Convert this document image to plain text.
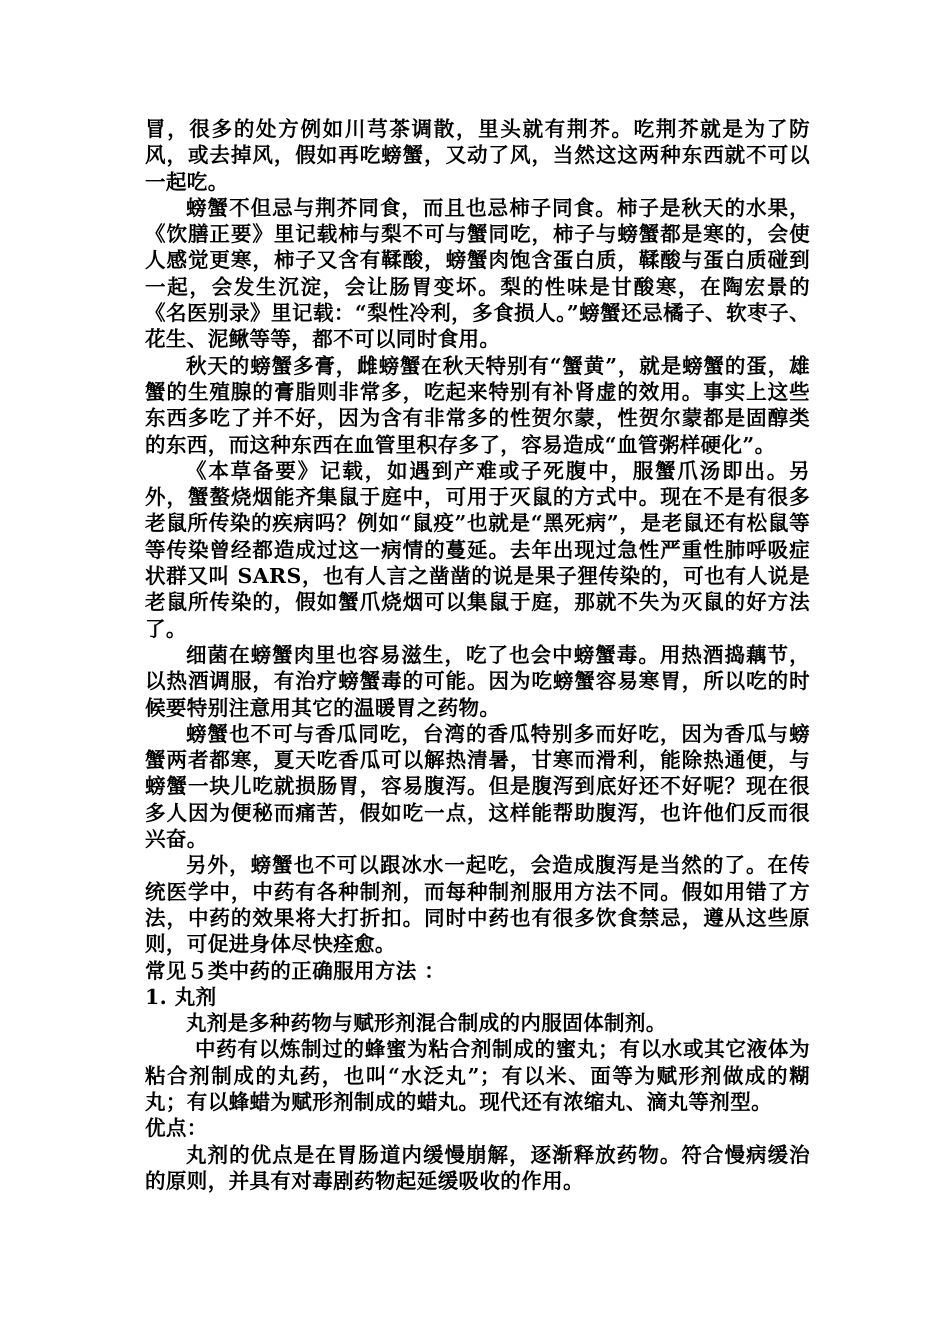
冒，很多的处方例如川芎茶调散，里头就有荆芥。吃荆芥就是为了防风，或去掉风，假如再吃螃蟹，又动了风，当然这这两种东西就不可以一起吃。

螃蟹不但忌与荆芥同食，而且也忌柿子同食。柿子是秋天的水果，《饮膳正要》里记载柿与梨不可与蟹同吃，柿子与螃蟹都是寒的，会使人感觉更寒，柿子又含有鞣酸，螃蟹肉饱含蛋白质，鞣酸与蛋白质碰到一起，会发生沉淀，会让肠胃变坏。梨的性味是甘酸寒，在陶宏景的《名医别录》里记载：“梨性冷利，多食损人。”螃蟹还忌橘子、软枣子、花生、泥鳅等等，都不可以同时食用。

秋天的螃蟹多膏，雌螃蟹在秋天特别有“蟹黄”，就是螃蟹的蛋，雄蟹的生殖腺的膏脂则非常多，吃起来特别有补肾虚的效用。事实上这些东西多吃了并不好，因为含有非常多的性贺尔蒙，性贺尔蒙都是固醇类的东西，而这种东西在血管里积存多了，容易造成“血管粥样硬化”。

《本草备要》记载，如遇到产难或子死腹中，服蟹爪汤即出。另外，蟹螯烧烟能齐集鼠于庭中，可用于灭鼠的方式中。现在不是有很多老鼠所传染的疾病吗？例如“鼠疫”也就是“黑死病”，是老鼠还有松鼠等等传染曾经都造成过这一病情的蔓延。去年出现过急性严重性肺呼吸症状群又叫 SARS，也有人言之凿凿的说是果子狸传染的，可也有人说是老鼠所传染的，假如蟹爪烧烟可以集鼠于庭，那就不失为灭鼠的好方法了。

细菌在螃蟹肉里也容易滋生，吃了也会中螃蟹毒。用热酒捣藕节，以热酒调服，有治疗螃蟹毒的可能。因为吃螃蟹容易寒胃，所以吃的时候要特别注意用其它的温暖胃之药物。

螃蟹也不可与香瓜同吃，台湾的香瓜特别多而好吃，因为香瓜与螃蟹两者都寒，夏天吃香瓜可以解热清暑，甘寒而滑利，能除热通便，与螃蟹一块儿吃就损肠胃，容易腹泻。但是腹泻到底好还不好呢？现在很多人因为便秘而痛苦，假如吃一点，这样能帮助腹泻，也许他们反而很兴奋。

另外，螃蟹也不可以跟冰水一起吃，会造成腹泻是当然的了。在传统医学中，中药有各种制剂，而每种制剂服用方法不同。假如用错了方法，中药的效果将大打折扣。同时中药也有很多饮食禁忌，遵从这些原则，可促进身体尽快痊愈。

常见５类中药的正确服用方法 ：

1. 丸剂

丸剂是多种药物与赋形剂混合制成的内服固体制剂。

中药有以炼制过的蜂蜜为粘合剂制成的蜜丸；有以水或其它液体为粘合剂制成的丸药，也叫“水泛丸”；有以米、面等为赋形剂做成的糊丸；有以蜂蜡为赋形剂制成的蜡丸。现代还有浓缩丸、滴丸等剂型。

优点：

丸剂的优点是在胃肠道内缓慢崩解，逐渐释放药物。符合慢病缓治的原则，并具有对毒剧药物起延缓吸收的作用。
